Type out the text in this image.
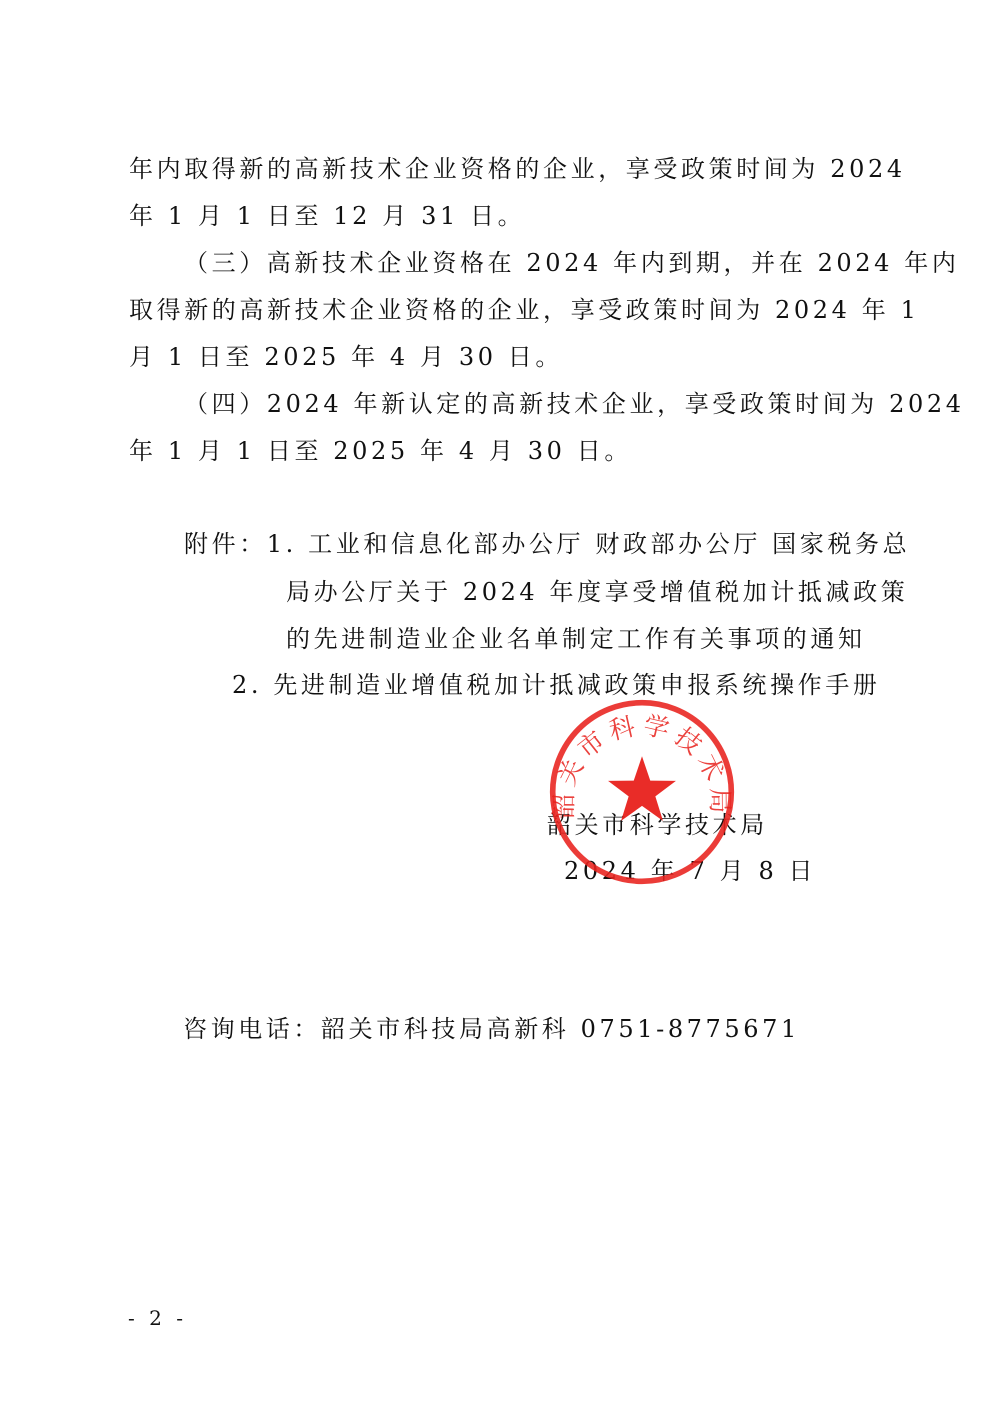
年内取得新的高新技术企业资格的企业，享受政策时间为 2024

年 1 月 1 日至 12 月 31 日。

（三）高新技术企业资格在 2024 年内到期，并在 2024 年内

取得新的高新技术企业资格的企业，享受政策时间为 2024 年 1

月 1 日至 2025 年 4 月 30 日。

（四）2024 年新认定的高新技术企业，享受政策时间为 2024

年 1 月 1 日至 2025 年 4 月 30 日。

附件：1. 工业和信息化部办公厅 财政部办公厅 国家税务总

局办公厅关于 2024 年度享受增值税加计抵减政策

的先进制造业企业名单制定工作有关事项的通知

2. 先进制造业增值税加计抵减政策申报系统操作手册

韶关市科学技术局

2024 年 7 月 8 日

韶关市科学技术局

咨询电话：韶关市科技局高新科 0751-8775671

- 2 -
